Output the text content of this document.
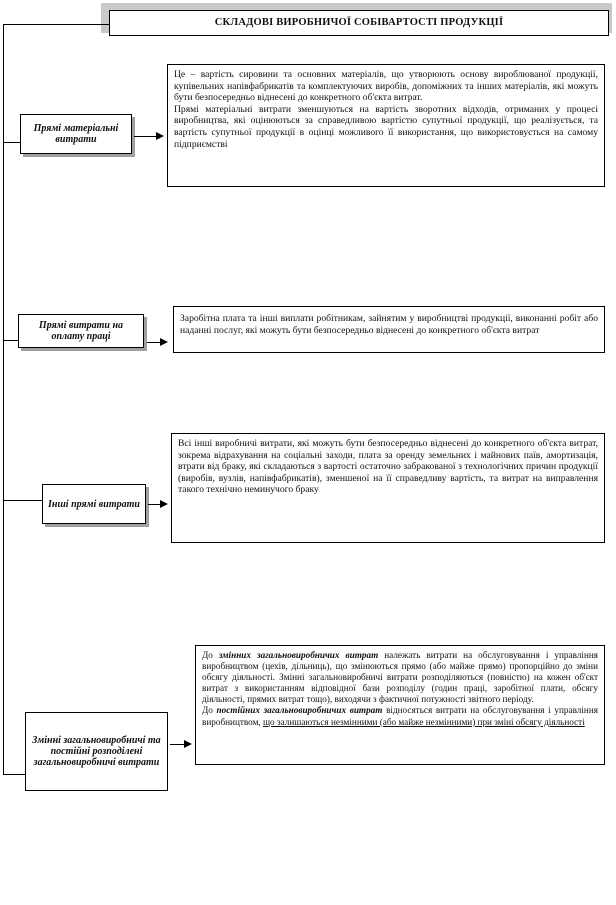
СКЛАДОВІ ВИРОБНИЧОЇ СОБІВАРТОСТІ ПРОДУКЦІЇ
Прямі матеріальні витрати

Це – вартість сировини та основних матеріалів, що утворюють основу вироблюваної продукції, купівельних напівфабрикатів та комплектуючих виробів, допоміжних та інших матеріалів, які можуть бути безпосередньо віднесені до конкретного об'єкта витрат.

Прямі матеріальні витрати зменшуються на вартість зворотних відходів, отриманих у процесі виробництва, які оцінюються за справедливою вартістю супутньої продукції, що реалізується, та вартість супутньої продукції в оцінці можливого її використання, що використовується на самому підприємстві

Прямі витрати на оплату праці

Заробітна плата та інші виплати робітникам, зайнятим у виробництві продукції, виконанні робіт або наданні послуг, які можуть бути безпосередньо віднесені до конкретного об'єкта витрат

Інші прямі витрати

Всі інші виробничі витрати, які можуть бути безпосередньо віднесені до конкретного об'єкта витрат, зокрема відрахування на соціальні заходи, плата за оренду земельних і майнових паїв, амортизація, втрати від браку, які складаються з вартості остаточно забракованої з технологічних причин продукції (виробів, вузлів, напівфабрикатів), зменшеної на її справедливу вартість, та витрат на виправлення такого технічно неминучого браку

Змінні загальновиробничі та постійні розподілені загальновиробничі витрати

До змінних загальновиробничих витрат належать витрати на обслуговування і управління виробництвом (цехів, дільниць), що змінюються прямо (або майже прямо) пропорційно до зміни обсягу діяльності. Змінні загальновиробничі витрати розподіляються (повністю) на кожен об'єкт витрат з використанням відповідної бази розподілу (годин праці, заробітної плати, обсягу діяльності, прямих витрат тощо), виходячи з фактичної потужності звітного періоду.

До постійних загальновиробничих витрат відносяться витрати на обслуговування і управління виробництвом, що залишаються незмінними (або майже незмінними) при зміні обсягу діяльності
